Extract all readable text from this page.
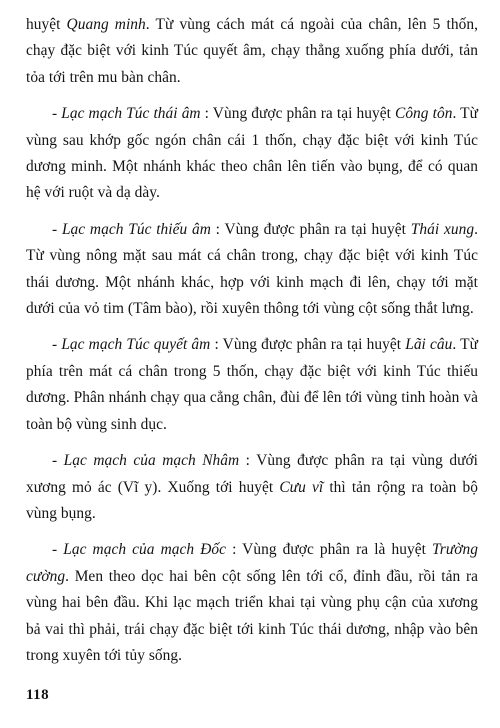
huyệt Quang minh. Từ vùng cách mát cá ngoài của chân, lên 5 thốn, chạy đặc biệt với kinh Túc quyết âm, chạy thẳng xuống phía dưới, tản tỏa tới trên mu bàn chân.

- Lạc mạch Túc thái âm : Vùng được phân ra tại huyệt Công tôn. Từ vùng sau khớp gốc ngón chân cái 1 thốn, chạy đặc biệt với kinh Túc dương minh. Một nhánh khác theo chân lên tiến vào bụng, để có quan hệ với ruột và dạ dày.

- Lạc mạch Túc thiếu âm : Vùng được phân ra tại huyệt Thái xung. Từ vùng nông mặt sau mát cá chân trong, chạy đặc biệt với kinh Túc thái dương. Một nhánh khác, hợp với kinh mạch đi lên, chạy tới mặt dưới của vỏ tim (Tâm bào), rồi xuyên thông tới vùng cột sống thắt lưng.

- Lạc mạch Túc quyết âm : Vùng được phân ra tại huyệt Lãi câu. Từ phía trên mát cá chân trong 5 thốn, chạy đặc biệt với kinh Túc thiếu dương. Phân nhánh chạy qua cẳng chân, đùi để lên tới vùng tinh hoàn và toàn bộ vùng sinh dục.

- Lạc mạch của mạch Nhâm : Vùng được phân ra tại vùng dưới xương mỏ ác (Vĩ y). Xuống tới huyệt Cưu vĩ thì tản rộng ra toàn bộ vùng bụng.

- Lạc mạch của mạch Đốc : Vùng được phân ra là huyệt Trường cường. Men theo dọc hai bên cột sống lên tới cổ, đỉnh đầu, rồi tản ra vùng hai bên đầu. Khi lạc mạch triển khai tại vùng phụ cận của xương bả vai thì phải, trái chạy đặc biệt tới kinh Túc thái dương, nhập vào bên trong xuyên tới tủy sống.

118
